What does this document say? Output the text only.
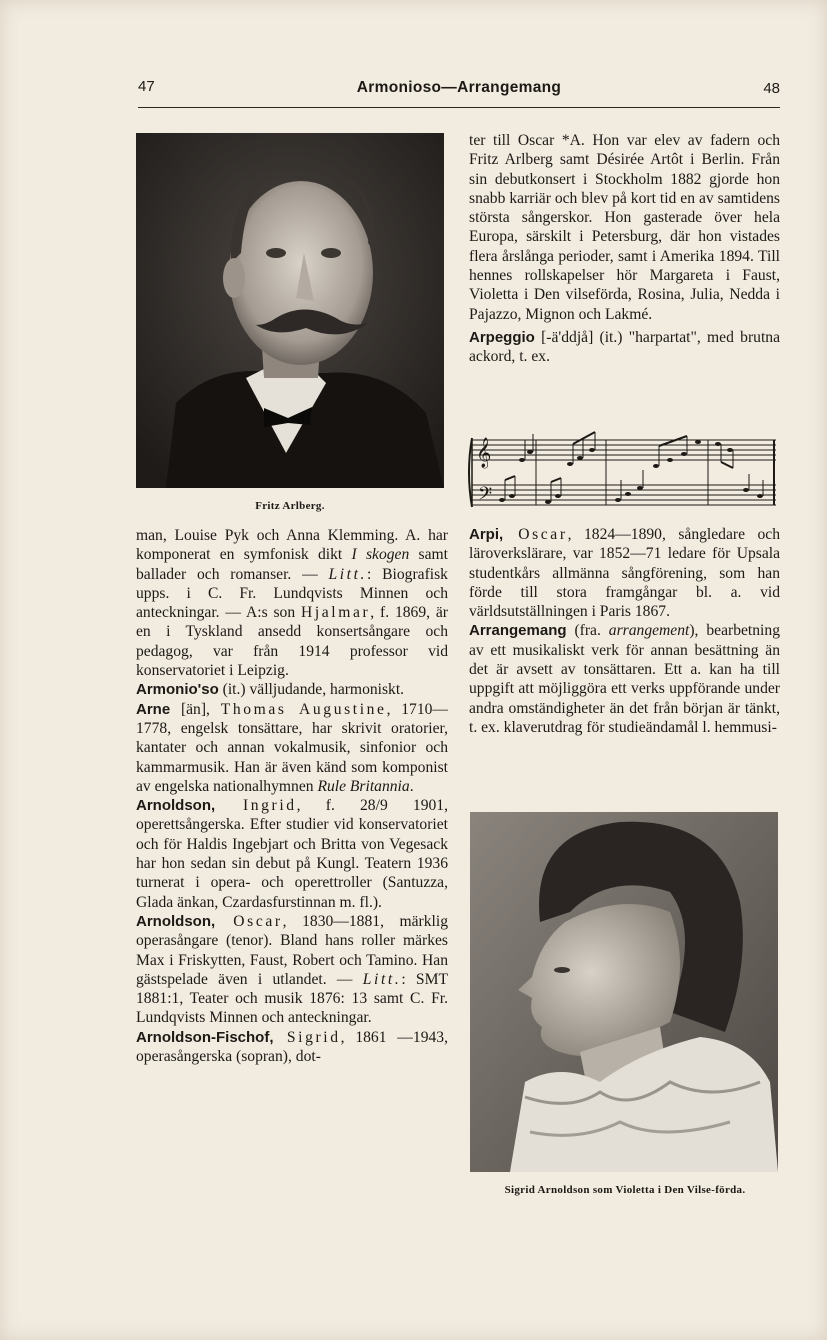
47	Armonioso—Arrangemang	48
Fritz Arlberg.

man, Louise Pyk och Anna Klemming. A. har komponerat en symfonisk dikt I skogen samt ballader och romanser. — Litt.: Biografisk upps. i C. Fr. Lundqvists Minnen och anteckningar. — A:s son Hjalmar, f. 1869, är en i Tyskland ansedd konsertsångare och pedagog, var från 1914 professor vid konservatoriet i Leipzig.

Armonio'so (it.) välljudande, harmoniskt.

Arne [än], Thomas Augustine, 1710—1778, engelsk tonsättare, har skrivit oratorier, kantater och annan vokalmusik, sinfonior och kammarmusik. Han är även känd som komponist av engelska nationalhymnen Rule Britannia.

Arnoldson, Ingrid, f. 28/9 1901, operettsångerska. Efter studier vid konservatoriet och för Haldis Ingebjart och Britta von Vegesack har hon sedan sin debut på Kungl. Teatern 1936 turnerat i opera- och operettroller (Santuzza, Glada änkan, Czardasfurstinnan m. fl.).

Arnoldson, Oscar, 1830—1881, märklig operasångare (tenor). Bland hans roller märkes Max i Friskytten, Faust, Robert och Tamino. Han gästspelade även i utlandet. — Litt.: SMT 1881:1, Teater och musik 1876: 13 samt C. Fr. Lundqvists Minnen och anteckningar.

Arnoldson-Fischof, Sigrid, 1861 —1943, operasångerska (sopran), dot-

ter till Oscar *A. Hon var elev av fadern och Fritz Arlberg samt Désirée Artôt i Berlin. Från sin debutkonsert i Stockholm 1882 gjorde hon snabb karriär och blev på kort tid en av samtidens största sångerskor. Hon gasterade över hela Europa, särskilt i Petersburg, där hon vistades flera årslånga perioder, samt i Amerika 1894. Till hennes rollskapelser hör Margareta i Faust, Violetta i Den vilseförda, Rosina, Julia, Nedda i Pajazzo, Mignon och Lakmé.

Arpeggio [-ä'ddjå] (it.) "harpartat", med brutna ackord, t. ex.

𝄞
𝄢

Arpi, Oscar, 1824—1890, sångledare och läroverkslärare, var 1852—71 ledare för Upsala studentkårs allmänna sångförening, som han förde till stora framgångar bl. a. vid världsutställningen i Paris 1867.

Arrangemang (fra. arrangement), bearbetning av ett musikaliskt verk för annan besättning än det är avsett av tonsättaren. Ett a. kan ha till uppgift att möjliggöra ett verks uppförande under andra omständigheter än det från början är tänkt, t. ex. klaverutdrag för studieändamål l. hemmusi-

Sigrid Arnoldson som Violetta i Den Vilse-förda.
